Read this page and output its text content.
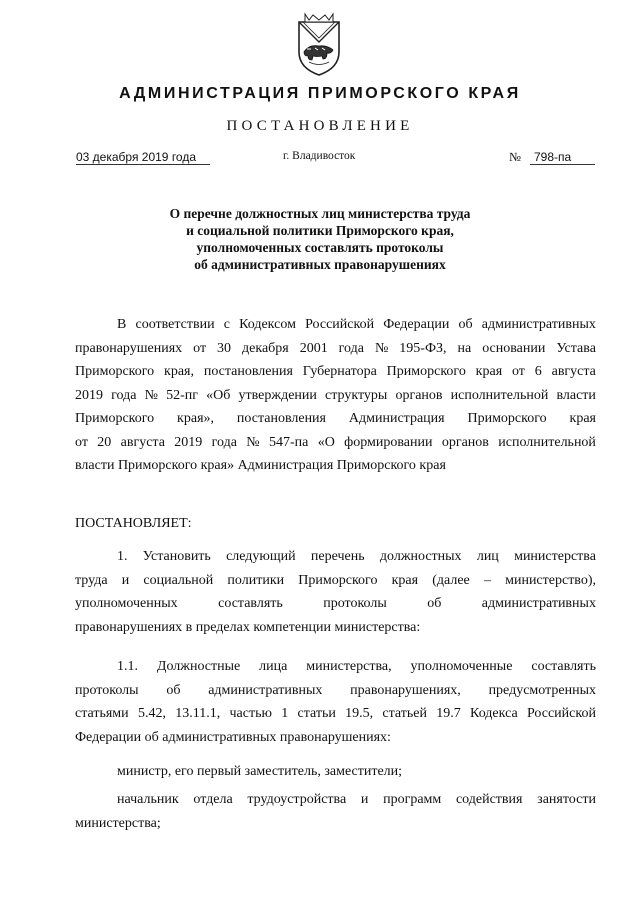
АДМИНИСТРАЦИЯ ПРИМОРСКОГО КРАЯ
ПОСТАНОВЛЕНИЕ
03 декабря 2019 года	г. Владивосток	№	798-па
О перечне должностных лиц министерства труда
и социальной политики Приморского края,
уполномоченных составлять протоколы
об административных правонарушениях
В соответствии с Кодексом Российской Федерации об административных
правонарушениях от 30 декабря 2001 года № 195-ФЗ, на основании Устава
Приморского края, постановления Губернатора Приморского края от 6 августа
2019 года № 52-пг «Об утверждении структуры органов исполнительной власти
Приморского края», постановления Администрация Приморского края
от 20 августа 2019 года № 547-па «О формировании органов исполнительной
власти Приморского края» Администрация Приморского края
ПОСТАНОВЛЯЕТ:
1. Установить следующий перечень должностных лиц министерства
труда и социальной политики Приморского края (далее – министерство),
уполномоченных	составлять	протоколы	об	административных
правонарушениях в пределах компетенции министерства:
1.1. Должностные лица министерства, уполномоченные составлять
протоколы об административных правонарушениях, предусмотренных
статьями 5.42, 13.11.1, частью 1 статьи 19.5, статьей 19.7 Кодекса Российской
Федерации об административных правонарушениях:
министр, его первый заместитель, заместители;
начальник отдела трудоустройства и программ содействия занятости
министерства;
